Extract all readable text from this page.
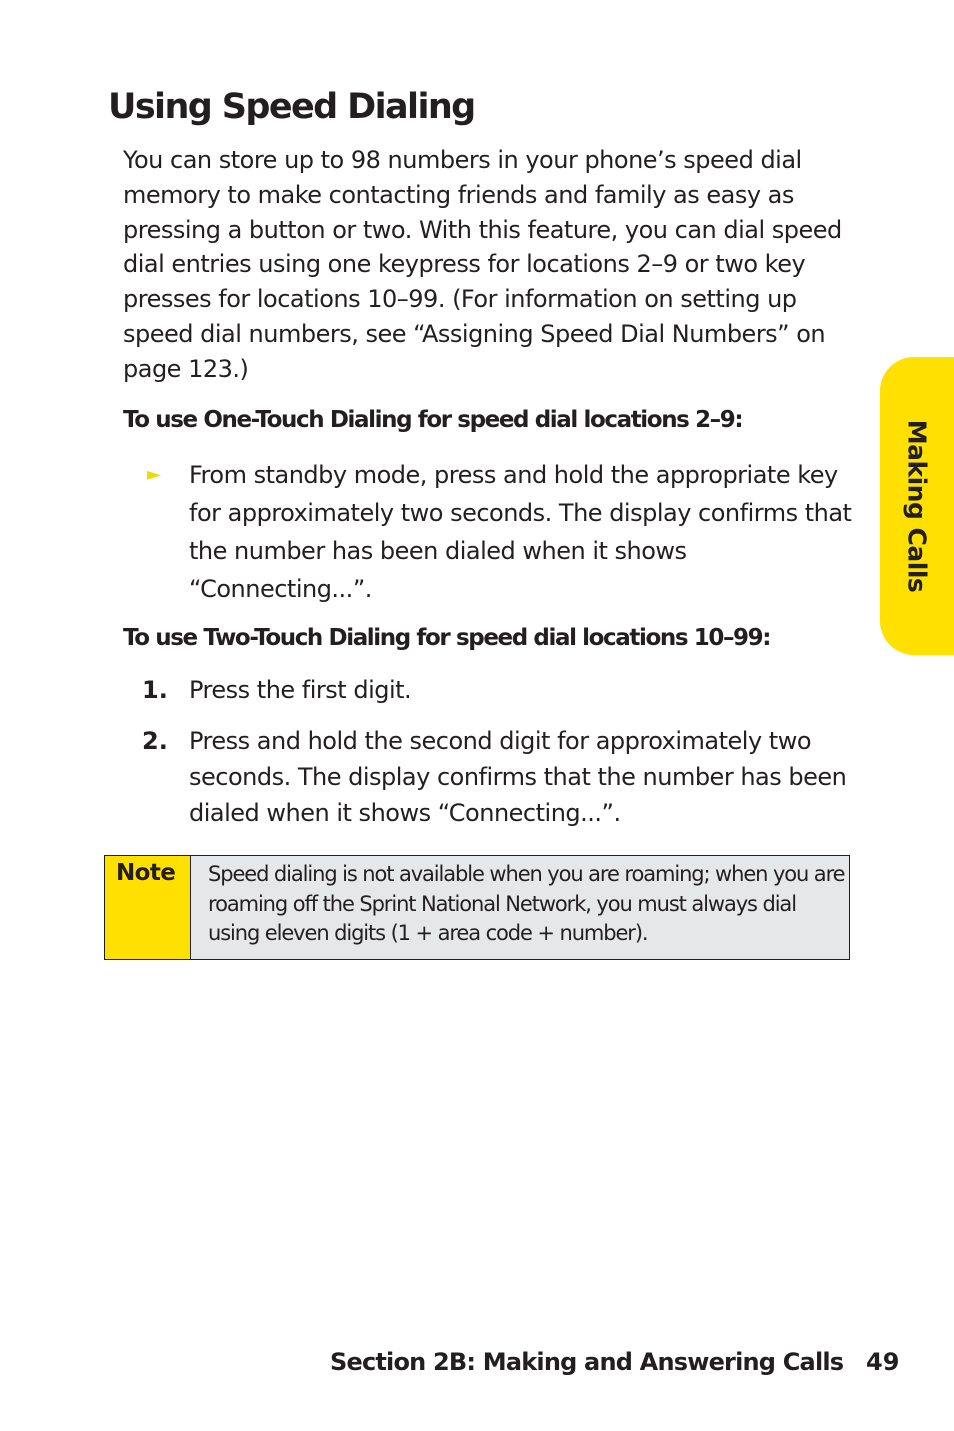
Using Speed Dialing

You can store up to 98 numbers in your phone’s speed dial memory to make contacting friends and family as easy as pressing a button or two. With this feature, you can dial speed dial entries using one keypress for locations 2–9 or two key presses for locations 10–99. (For information on setting up speed dial numbers, see “Assigning Speed Dial Numbers” on page 123.)

To use One-Touch Dialing for speed dial locations 2–9:
► From standby mode, press and hold the appropriate key for approximately two seconds. The display confirms that the number has been dialed when it shows “Connecting...”.

To use Two-Touch Dialing for speed dial locations 10–99:
1. Press the first digit.

2. Press and hold the second digit for approximately two seconds. The display confirms that the number has been dialed when it shows “Connecting...”.

Note Speed dialing is not available when you are roaming; when you are roaming off the Sprint National Network, you must always dial using eleven digits (1 + area code + number).

Making Calls
Section 2B: Making and Answering Calls 49
